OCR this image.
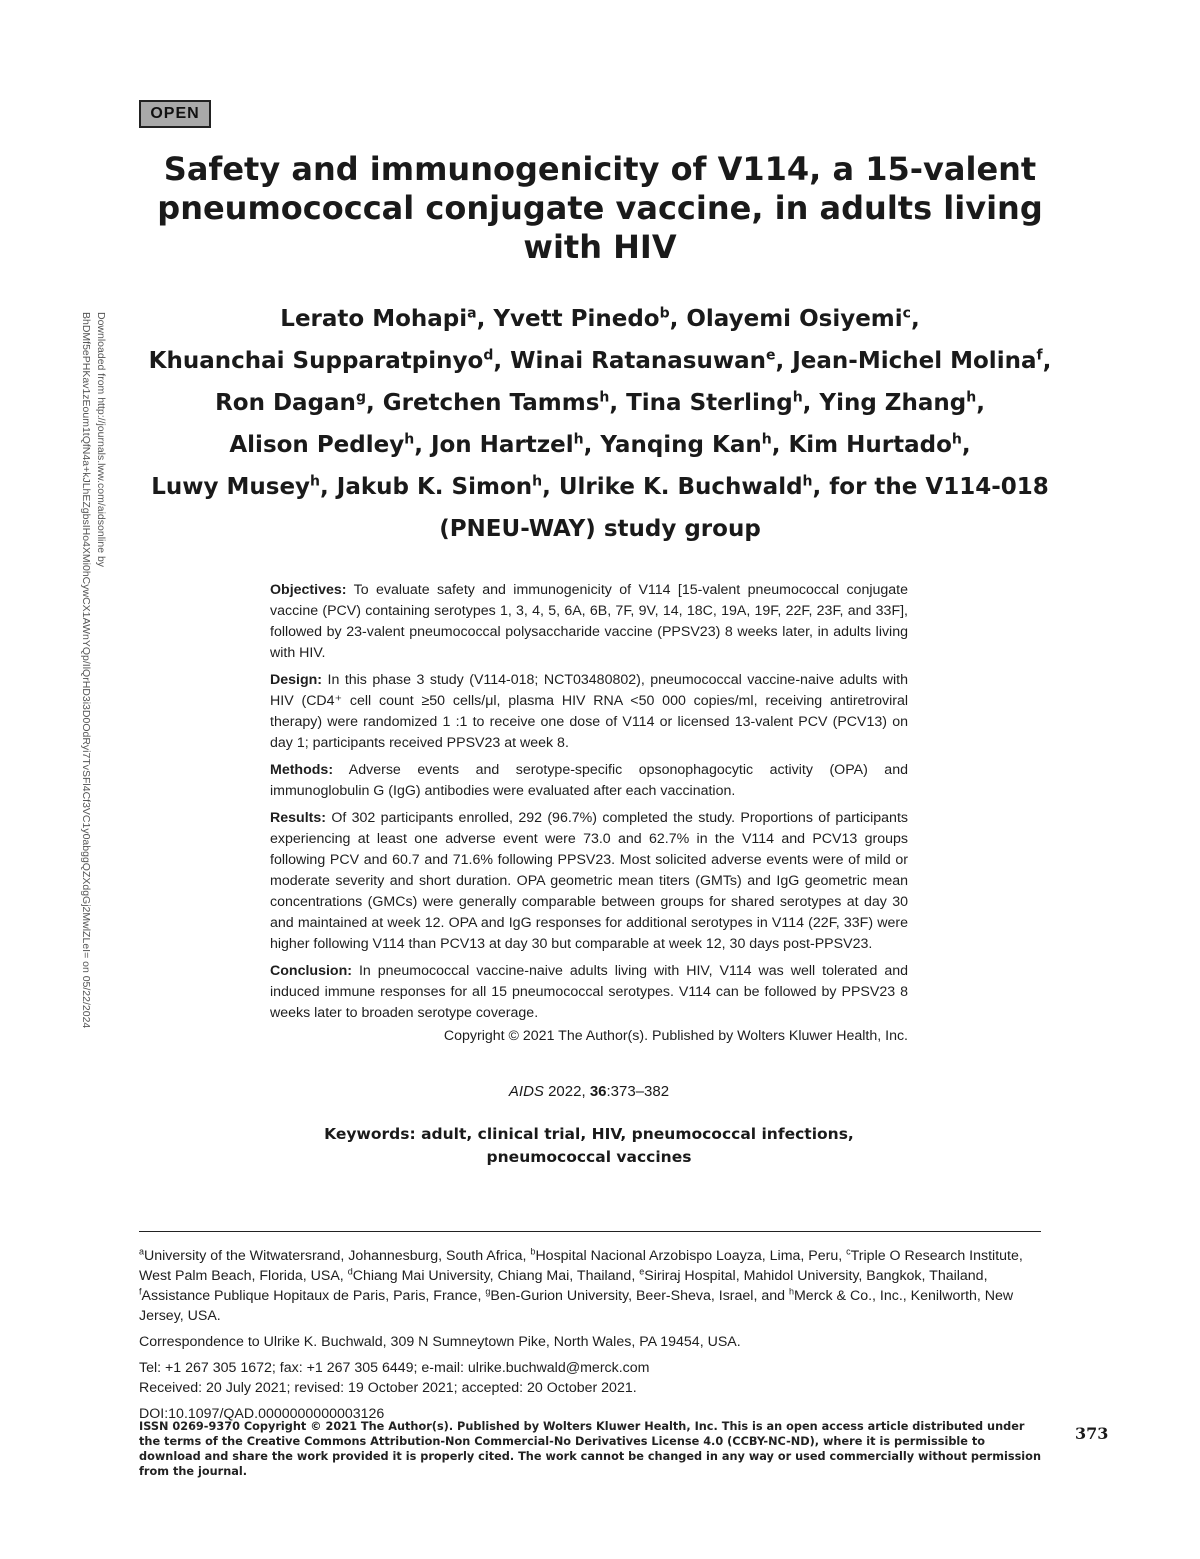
OPEN
Downloaded from http://journals.lww.com/aidsonline by BhDMf5ePHKav1zEoum1tQfN4a+kJLhEZgbsIHo4XMi0hCywCX1AWnYQp/IlQrHD3i3D0OdRyi7TvSFl4Cf3VC1y0abggQZXdgGj2MwlZLeI= on 05/22/2024
Safety and immunogenicity of V114, a 15-valent pneumococcal conjugate vaccine, in adults living with HIV
Lerato Mohapi$^a$, Yvett Pinedo$^b$, Olayemi Osiyemi$^c$,
Khuanchai Supparatpinyo$^d$, Winai Ratanasuwan$^e$, Jean-Michel Molina$^f$,
Ron Dagan$^g$, Gretchen Tamms$^h$, Tina Sterling$^h$, Ying Zhang$^h$,
Alison Pedley$^h$, Jon Hartzel$^h$, Yanqing Kan$^h$, Kim Hurtado$^h$,
Luwy Musey$^h$, Jakub K. Simon$^h$, Ulrike K. Buchwald$^h$, for the V114-018 (PNEU-WAY) study group

Objectives: To evaluate safety and immunogenicity of V114 [15-valent pneumococcal conjugate vaccine (PCV) containing serotypes 1, 3, 4, 5, 6A, 6B, 7F, 9V, 14, 18C, 19A, 19F, 22F, 23F, and 33F], followed by 23-valent pneumococcal polysaccharide vaccine (PPSV23) 8 weeks later, in adults living with HIV.

Design: In this phase 3 study (V114-018; NCT03480802), pneumococcal vaccine-naive adults with HIV (CD4⁺ cell count ≥50 cells/μl, plasma HIV RNA <50 000 copies/ml, receiving antiretroviral therapy) were randomized 1 :1 to receive one dose of V114 or licensed 13-valent PCV (PCV13) on day 1; participants received PPSV23 at week 8.

Methods: Adverse events and serotype-specific opsonophagocytic activity (OPA) and immunoglobulin G (IgG) antibodies were evaluated after each vaccination.

Results: Of 302 participants enrolled, 292 (96.7%) completed the study. Proportions of participants experiencing at least one adverse event were 73.0 and 62.7% in the V114 and PCV13 groups following PCV and 60.7 and 71.6% following PPSV23. Most solicited adverse events were of mild or moderate severity and short duration. OPA geometric mean titers (GMTs) and IgG geometric mean concentrations (GMCs) were generally comparable between groups for shared serotypes at day 30 and maintained at week 12. OPA and IgG responses for additional serotypes in V114 (22F, 33F) were higher following V114 than PCV13 at day 30 but comparable at week 12, 30 days post-PPSV23.

Conclusion: In pneumococcal vaccine-naive adults living with HIV, V114 was well tolerated and induced immune responses for all 15 pneumococcal serotypes. V114 can be followed by PPSV23 8 weeks later to broaden serotype coverage.

Copyright © 2021 The Author(s). Published by Wolters Kluwer Health, Inc.

AIDS 2022, 36:373–382
Keywords: adult, clinical trial, HIV, pneumococcal infections, pneumococcal vaccines

$^a$University of the Witwatersrand, Johannesburg, South Africa, $^b$Hospital Nacional Arzobispo Loayza, Lima, Peru, $^c$Triple O Research Institute, West Palm Beach, Florida, USA, $^d$Chiang Mai University, Chiang Mai, Thailand, $^e$Siriraj Hospital, Mahidol University, Bangkok, Thailand, $^f$Assistance Publique Hopitaux de Paris, Paris, France, $^g$Ben-Gurion University, Beer-Sheva, Israel, and $^h$Merck & Co., Inc., Kenilworth, New Jersey, USA.

Correspondence to Ulrike K. Buchwald, 309 N Sumneytown Pike, North Wales, PA 19454, USA.

Tel: +1 267 305 1672; fax: +1 267 305 6449; e-mail: ulrike.buchwald@merck.com

Received: 20 July 2021; revised: 19 October 2021; accepted: 20 October 2021.

DOI:10.1097/QAD.0000000000003126

ISSN 0269-9370 Copyright © 2021 The Author(s). Published by Wolters Kluwer Health, Inc. This is an open access article distributed under the terms of the Creative Commons Attribution-Non Commercial-No Derivatives License 4.0 (CCBY-NC-ND), where it is permissible to download and share the work provided it is properly cited. The work cannot be changed in any way or used commercially without permission from the journal.
373
